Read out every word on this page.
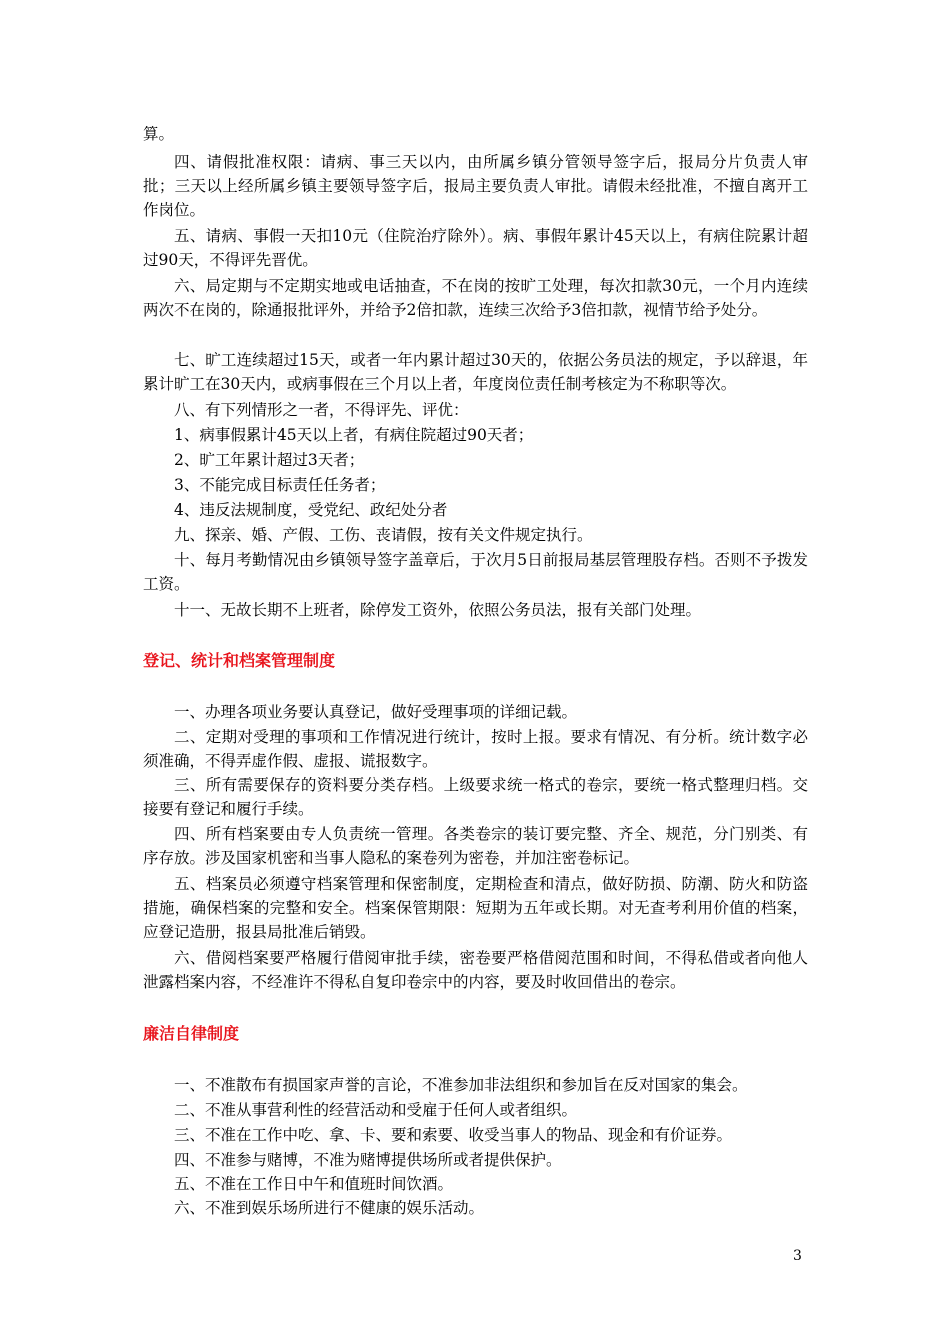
算。

四、请假批准权限：请病、事三天以内，由所属乡镇分管领导签字后，报局分片负责人审批；三天以上经所属乡镇主要领导签字后，报局主要负责人审批。请假未经批准，不擅自离开工作岗位。

五、请病、事假一天扣10元（住院治疗除外）。病、事假年累计45天以上，有病住院累计超过90天，不得评先晋优。

六、局定期与不定期实地或电话抽查，不在岗的按旷工处理，每次扣款30元，一个月内连续两次不在岗的，除通报批评外，并给予2倍扣款，连续三次给予3倍扣款，视情节给予处分。

七、旷工连续超过15天，或者一年内累计超过30天的，依据公务员法的规定，予以辞退，年累计旷工在30天内，或病事假在三个月以上者，年度岗位责任制考核定为不称职等次。

八、有下列情形之一者，不得评先、评优：

1、病事假累计45天以上者，有病住院超过90天者；

2、旷工年累计超过3天者；

3、不能完成目标责任任务者；

4、违反法规制度，受党纪、政纪处分者

九、探亲、婚、产假、工伤、丧请假，按有关文件规定执行。

十、每月考勤情况由乡镇领导签字盖章后，于次月5日前报局基层管理股存档。否则不予拨发工资。

十一、无故长期不上班者，除停发工资外，依照公务员法，报有关部门处理。

登记、统计和档案管理制度

一、办理各项业务要认真登记，做好受理事项的详细记载。

二、定期对受理的事项和工作情况进行统计，按时上报。要求有情况、有分析。统计数字必须准确，不得弄虚作假、虚报、谎报数字。

三、所有需要保存的资料要分类存档。上级要求统一格式的卷宗，要统一格式整理归档。交接要有登记和履行手续。

四、所有档案要由专人负责统一管理。各类卷宗的装订要完整、齐全、规范，分门别类、有序存放。涉及国家机密和当事人隐私的案卷列为密卷，并加注密卷标记。

五、档案员必须遵守档案管理和保密制度，定期检查和清点，做好防损、防潮、防火和防盗措施，确保档案的完整和安全。档案保管期限：短期为五年或长期。对无查考利用价值的档案，应登记造册，报县局批准后销毁。

六、借阅档案要严格履行借阅审批手续，密卷要严格借阅范围和时间，不得私借或者向他人泄露档案内容，不经准许不得私自复印卷宗中的内容，要及时收回借出的卷宗。

廉洁自律制度

一、不准散布有损国家声誉的言论，不准参加非法组织和参加旨在反对国家的集会。

二、不准从事营利性的经营活动和受雇于任何人或者组织。

三、不准在工作中吃、拿、卡、要和索要、收受当事人的物品、现金和有价证券。

四、不准参与赌博，不准为赌博提供场所或者提供保护。

五、不准在工作日中午和值班时间饮酒。

六、不准到娱乐场所进行不健康的娱乐活动。

3
